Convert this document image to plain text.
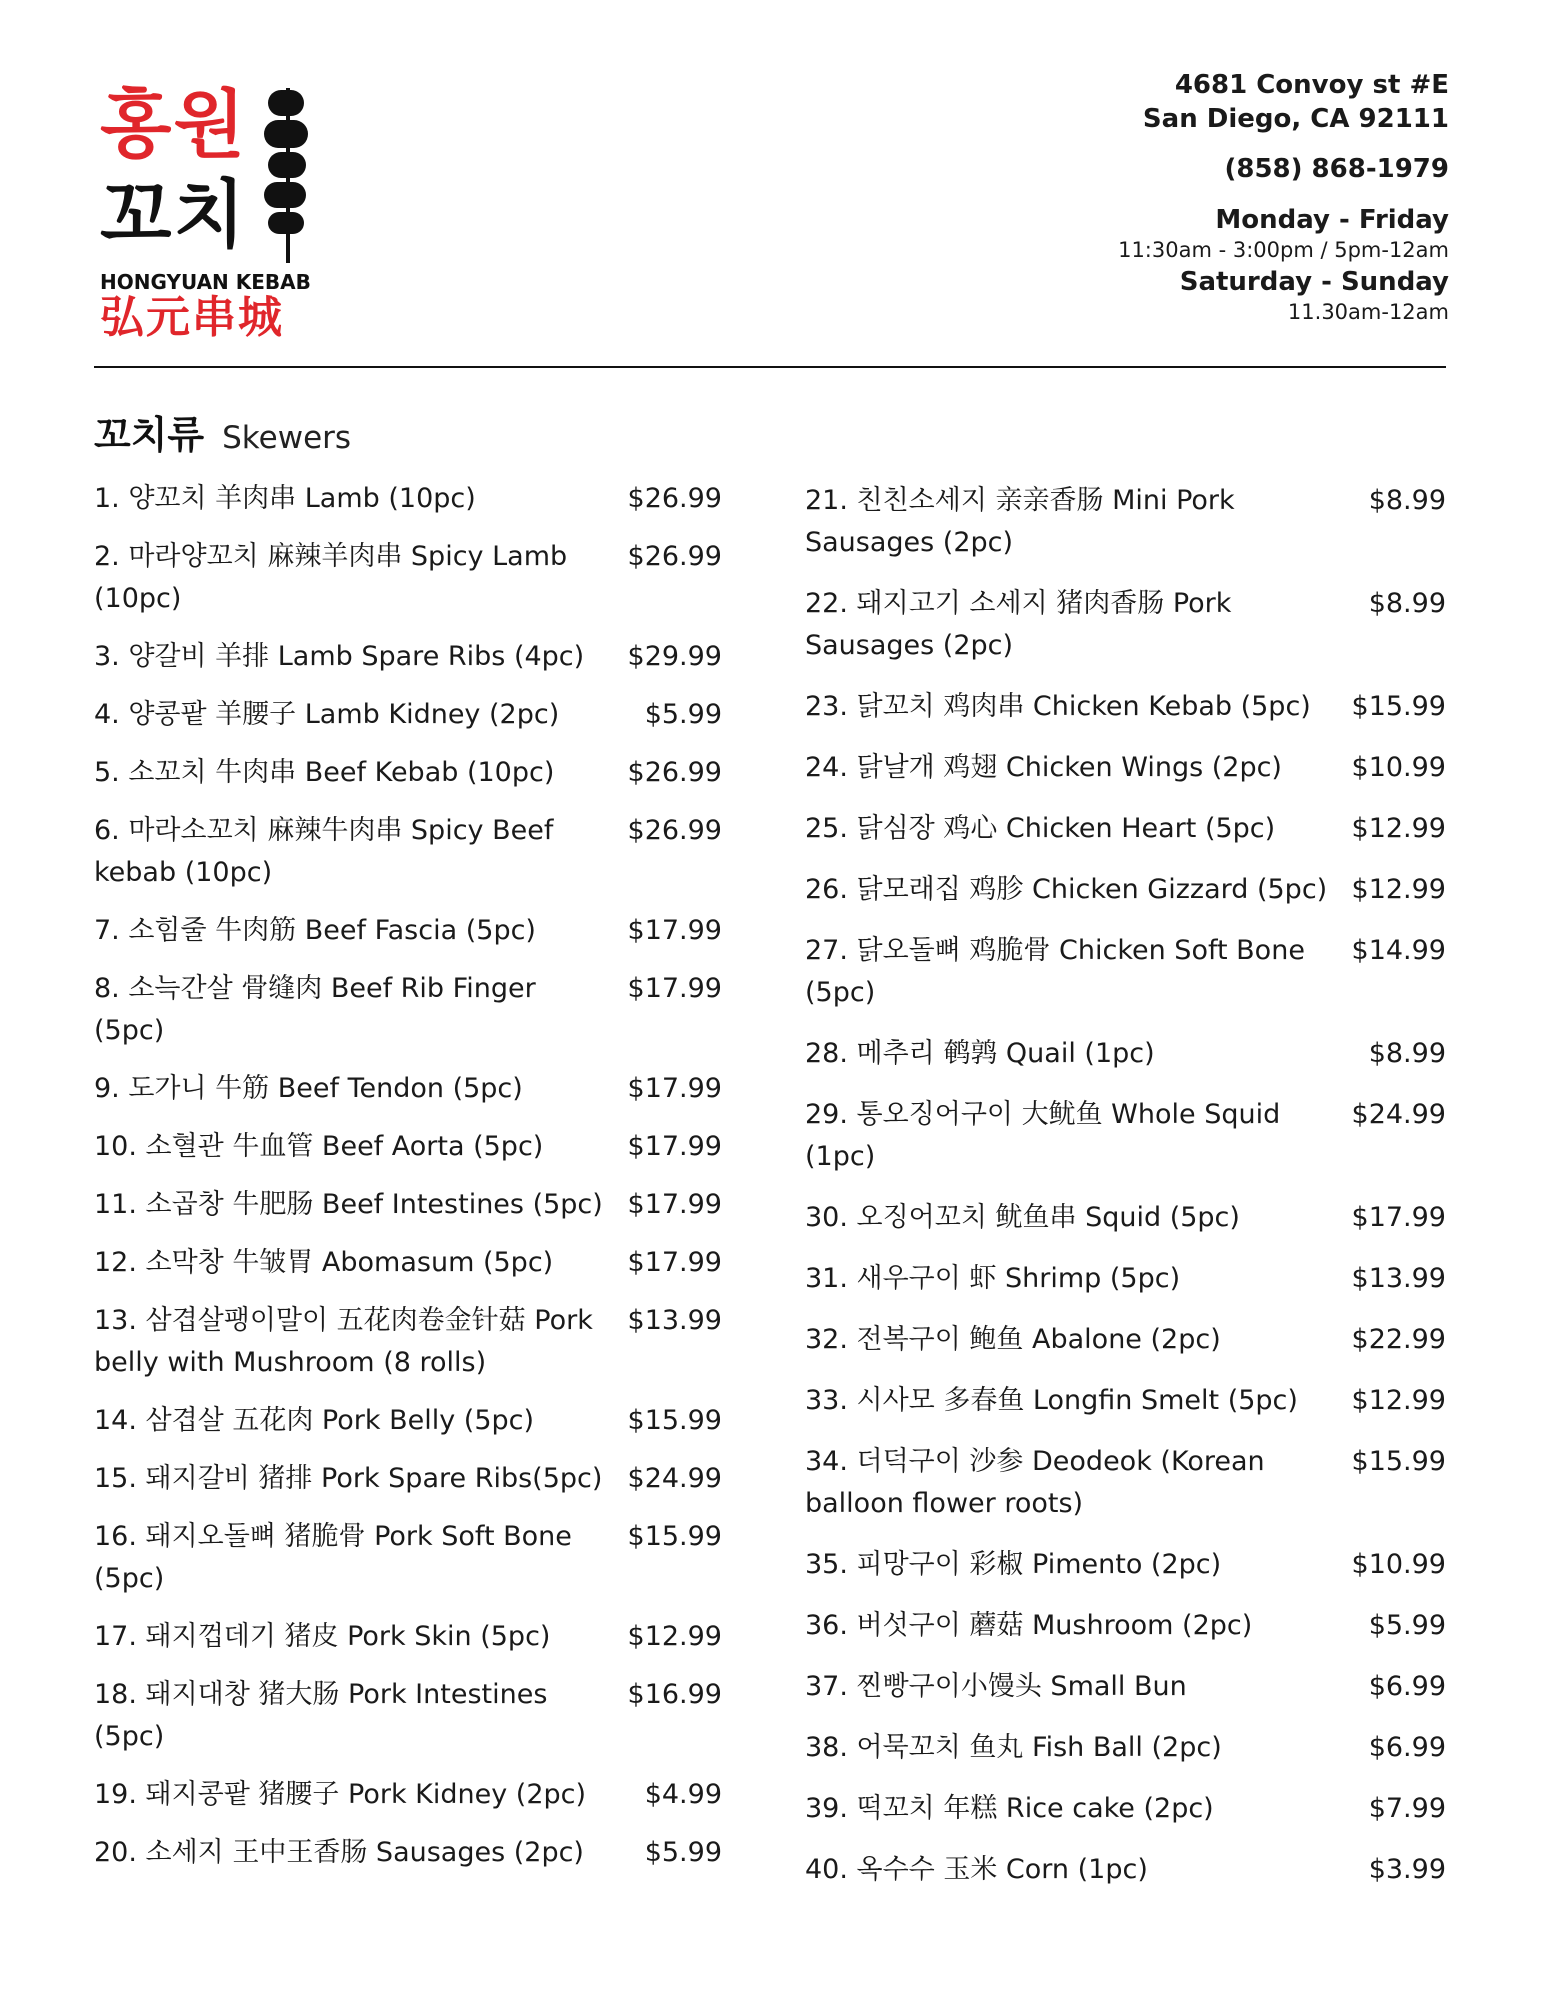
홍원
꼬치
HONGYUAN KEBAB
弘元串城
4681 Convoy st #E
San Diego, CA 92111
(858) 868-1979
Monday - Friday
11:30am - 3:00pm / 5pm-12am
Saturday - Sunday
11.30am-12am
꼬치류 Skewers
1. 양꼬치 羊肉串 Lamb (10pc)	$26.99
2. 마라양꼬치 麻辣羊肉串 Spicy Lamb (10pc)
$26.99
3. 양갈비 羊排 Lamb Spare Ribs (4pc)	$29.99
4. 양콩팥 羊腰子 Lamb Kidney (2pc)	$5.99
5. 소꼬치 牛肉串 Beef Kebab (10pc)	$26.99
6. 마라소꼬치 麻辣牛肉串 Spicy Beef kebab (10pc)
$26.99
7. 소힘줄 牛肉筋 Beef Fascia (5pc)	$17.99
8. 소늑간살 骨缝肉 Beef Rib Finger (5pc)
$17.99
9. 도가니 牛筋 Beef Tendon (5pc)	$17.99
10. 소혈관 牛血管 Beef Aorta (5pc)	$17.99
11. 소곱창 牛肥肠 Beef Intestines (5pc) $17.99
12. 소막창 牛皱胃 Abomasum (5pc)	$17.99
13. 삼겹살팽이말이 五花肉卷金针菇 Pork belly with Mushroom (8 rolls)
$13.99
14. 삼겹살 五花肉 Pork Belly (5pc)	$15.99
15. 돼지갈비 猪排 Pork Spare Ribs(5pc) $24.99
16. 돼지오돌뼈 猪脆骨 Pork Soft Bone (5pc)
$15.99
17. 돼지껍데기 猪皮 Pork Skin (5pc)	$12.99
18. 돼지대창 猪大肠 Pork Intestines (5pc)
$16.99
19. 돼지콩팥 猪腰子 Pork Kidney (2pc)	$4.99
20. 소세지 王中王香肠 Sausages (2pc)	$5.99
21. 친친소세지 亲亲香肠 Mini Pork Sausages (2pc)
$8.99
22. 돼지고기 소세지 猪肉香肠 Pork Sausages (2pc)
$8.99
23. 닭꼬치 鸡肉串 Chicken Kebab (5pc)	$15.99
24. 닭날개 鸡翅 Chicken Wings (2pc)	$10.99
25. 닭심장 鸡心 Chicken Heart (5pc)	$12.99
26. 닭모래집 鸡胗 Chicken Gizzard (5pc) $12.99
27. 닭오돌뼈 鸡脆骨 Chicken Soft Bone (5pc)
$14.99
28. 메추리 鹌鹑 Quail (1pc)	$8.99
29. 통오징어구이 大鱿鱼 Whole Squid (1pc)
$24.99
30. 오징어꼬치 鱿鱼串 Squid (5pc)	$17.99
31. 새우구이 虾 Shrimp (5pc)	$13.99
32. 전복구이 鲍鱼 Abalone (2pc)	$22.99
33. 시사모 多春鱼 Longfin Smelt (5pc)	$12.99
34. 더덕구이 沙参 Deodeok (Korean balloon flower roots)
$15.99
35. 피망구이 彩椒 Pimento (2pc)	$10.99
36. 버섯구이 蘑菇 Mushroom (2pc)	$5.99
37. 찐빵구이小馒头 Small Bun	$6.99
38. 어묵꼬치 鱼丸 Fish Ball (2pc)	$6.99
39. 떡꼬치 年糕 Rice cake (2pc)	$7.99
40. 옥수수 玉米 Corn (1pc)	$3.99
